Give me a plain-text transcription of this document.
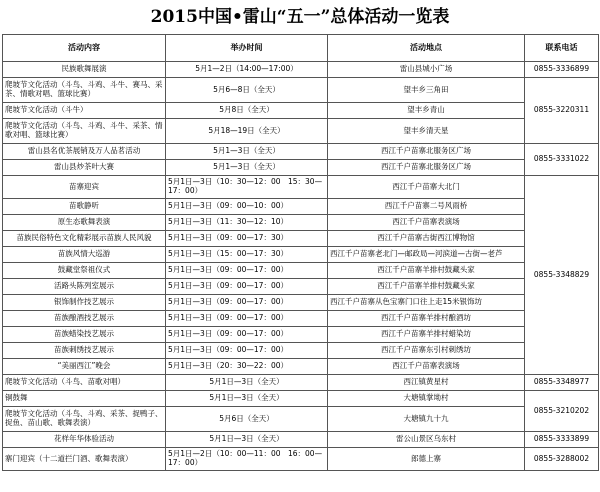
2015中国•雷山“五一”总体活动一览表
活动内容	举办时间	活动地点	联系电话
民族歌舞展演	5月1—2日（14:00—17:00）	雷山县城小广场	0855-3336899
爬坡节文化活动（斗鸟、斗鸡、斗牛、赛马、采茶、情歌对唱、篮球比赛）	5月6—8日（全天）	望丰乡三角田	0855-3220311
爬坡节文化活动（斗牛）	5月8日（全天）	望丰乡青山	
爬坡节文化活动（斗鸟、斗鸡、斗牛、采茶、情歌对唱、篮球比赛）	5月18—19日（全天）	望丰乡清天星	
雷山县名优茶展销及万人品茗活动	5月1—3日（全天）	西江千户苗寨北服务区广场	0855-3331022
雷山县炒茶叶大赛	5月1—3日（全天）	西江千户苗寨北服务区广场	
苗寨迎宾	5月1日—3日（10：30—12：00　15：30—17：00）	西江千户苗寨大北门	0855-3348829
苗歌静听	5月1日—3日（09：00—10：00）	西江千户苗寨二号风雨桥	
原生态歌舞表演	5月1日—3日（11：30—12：10）	西江千户苗寨表演场	
苗族民俗特色文化精彩展示苗族人民风貌	5月1日—3日（09：00—17：30）	西江千户苗寨古街西江博物馆	
苗族风情大巡游	5月1日—3日（15：00—17：30）	西江千户苗寨老北门—邮政局—河滨道—古街—老芦	
鼓藏堂祭祖仪式	5月1日—3日（09：00—17：00）	西江千户苗寨羊排村鼓藏头家	
活路头陈列室展示	5月1日—3日（09：00—17：00）	西江千户苗寨羊排村鼓藏头家	
银饰制作技艺展示	5月1日—3日（09：00—17：00）	西江千户苗寨从色宝寨门口往上走15米银饰坊	
苗族酿酒技艺展示	5月1日—3日（09：00—17：00）	西江千户苗寨羊排村酿酒坊	
苗族蜡染技艺展示	5月1日—3日（09：00—17：00）	西江千户苗寨羊排村蜡染坊	
苗族刺绣技艺展示	5月1日—3日（09：00—17：00）	西江千户苗寨东引村刺绣坊	
“美丽西江”晚会	5月1日—3日（20：30—22：00）	西江千户苗寨表演场	
爬坡节文化活动（斗鸟、苗歌对唱）	5月1日—3日（全天）	西江镇黄星村	0855-3348977
铜鼓舞	5月1日—3日（全天）	大塘镇掌坳村	0855-3210202
爬坡节文化活动（斗鸟、斗鸡、采茶、捉鸭子、捉鱼、苗山歌、歌舞表演）	5月6日（全天）	大塘镇九十九	
花样年华体验活动	5月1日—3日（全天）	雷公山景区乌东村	0855-3333899
寨门迎宾（十二道拦门酒、歌舞表演）	5月1日—2日（10：00—11：00　16：00—17：00）	郎德上寨	0855-3288002
